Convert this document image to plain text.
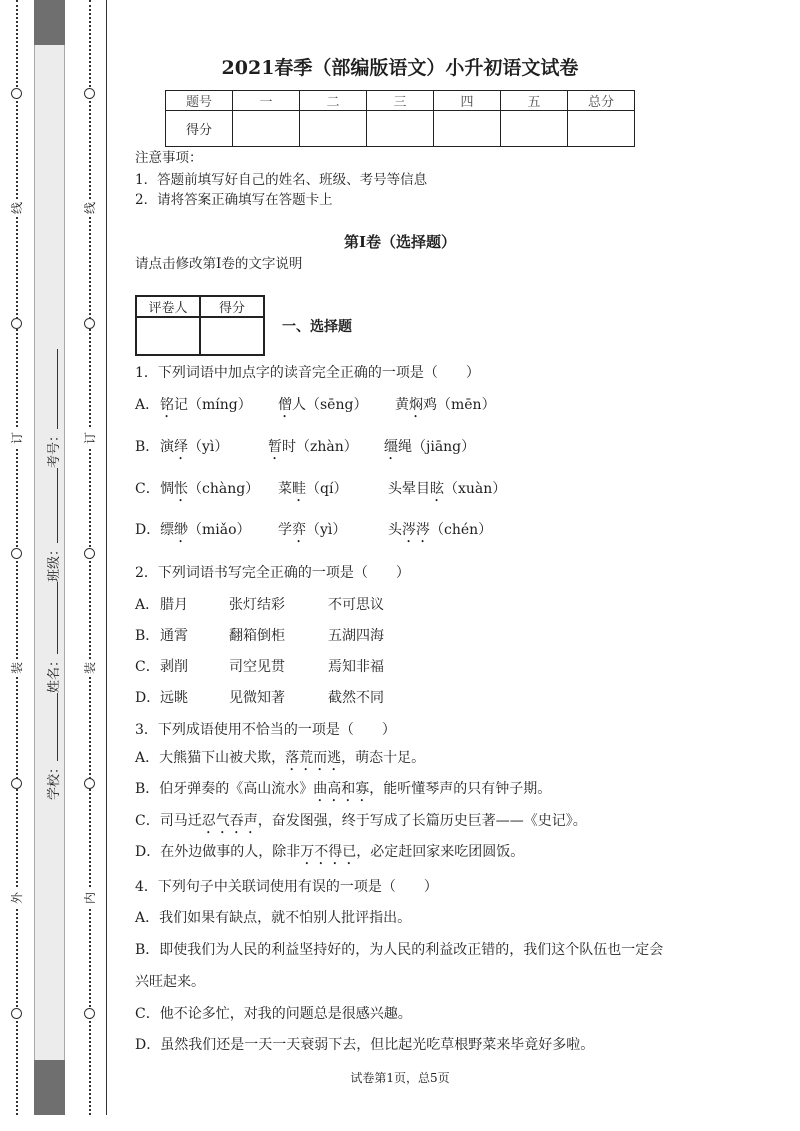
线
订
装
外
线
订
装
内
学校：姓名：班级：考号：
2021春季（部编版语文）小升初语文试卷
题号	一	二	三	四	五	总分
得分						
注意事项：
1．答题前填写好自己的姓名、班级、考号等信息
2．请将答案正确填写在答题卡上
第I卷（选择题）
请点击修改第I卷的文字说明
评卷人	得分

一、选择题
1．下列词语中加点字的读音完全正确的一项是（　　）
A． 铭记（míng） 僧人（sēng） 黄焖鸡（mēn）
B． 演绎（yì）	暂时（zhàn） 缰绳（jiāng）
C． 惆怅（chàng） 菜畦（qí）	头晕目眩（xuàn）
D． 缥缈（miǎo） 学弈（yì）	头涔涔（chén）
2．下列词语书写完全正确的一项是（　　）
A． 腊月	张灯结彩	不可思议
B． 通霄	翻箱倒柜	五湖四海
C． 剥削	司空见贯	焉知非福
D． 远眺	见微知著	截然不同
3．下列成语使用不恰当的一项是（　　）
A．大熊猫下山被犬欺，落荒而逃，萌态十足。
B．伯牙弹奏的《高山流水》曲高和寡，能听懂琴声的只有钟子期。
C．司马迁忍气吞声，奋发图强，终于写成了长篇历史巨著——《史记》。
D．在外边做事的人，除非万不得已，必定赶回家来吃团圆饭。
4．下列句子中关联词使用有误的一项是（　　）
A．我们如果有缺点，就不怕别人批评指出。
B．即使我们为人民的利益坚持好的，为人民的利益改正错的，我们这个队伍也一定会
兴旺起来。
C．他不论多忙，对我的问题总是很感兴趣。
D．虽然我们还是一天一天衰弱下去，但比起光吃草根野菜来毕竟好多啦。
试卷第1页，总5页
